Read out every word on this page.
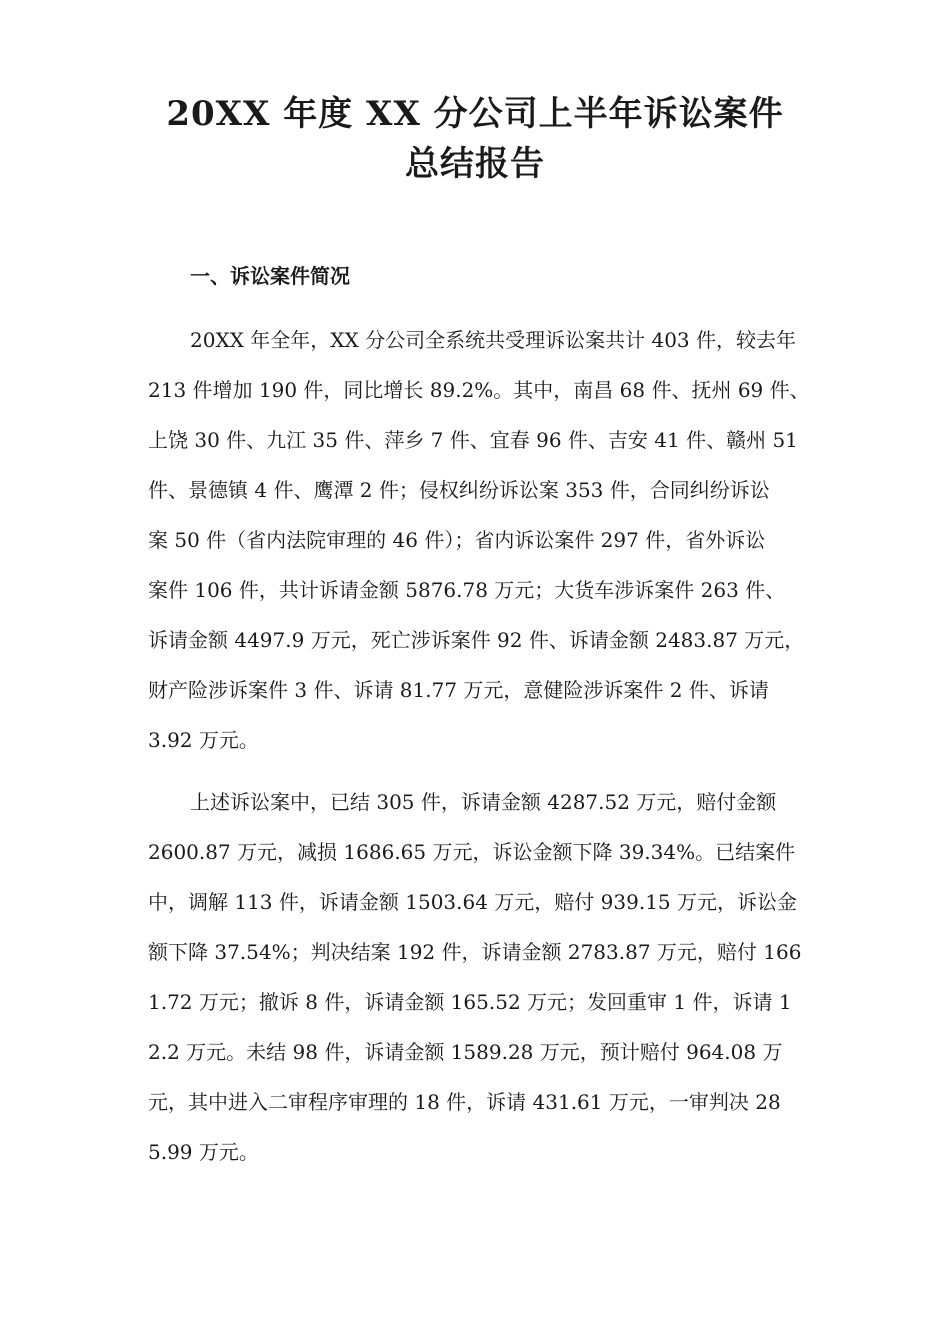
20XX 年度 XX 分公司上半年诉讼案件
总结报告
一、诉讼案件简况
20XX 年全年，XX 分公司全系统共受理诉讼案共计 403 件，较去年
213 件增加 190 件，同比增长 89.2%。其中，南昌 68 件、抚州 69 件、
上饶 30 件、九江 35 件、萍乡 7 件、宜春 96 件、吉安 41 件、赣州 51
件、景德镇 4 件、鹰潭 2 件；侵权纠纷诉讼案 353 件，合同纠纷诉讼
案 50 件（省内法院审理的 46 件）；省内诉讼案件 297 件，省外诉讼
案件 106 件，共计诉请金额 5876.78 万元；大货车涉诉案件 263 件、
诉请金额 4497.9 万元，死亡涉诉案件 92 件、诉请金额 2483.87 万元，
财产险涉诉案件 3 件、诉请 81.77 万元，意健险涉诉案件 2 件、诉请
3.92 万元。
上述诉讼案中，已结 305 件，诉请金额 4287.52 万元，赔付金额
2600.87 万元，减损 1686.65 万元，诉讼金额下降 39.34%。已结案件
中，调解 113 件，诉请金额 1503.64 万元，赔付 939.15 万元，诉讼金
额下降 37.54%；判决结案 192 件，诉请金额 2783.87 万元，赔付 166
1.72 万元；撤诉 8 件，诉请金额 165.52 万元；发回重审 1 件，诉请 1
2.2 万元。未结 98 件，诉请金额 1589.28 万元，预计赔付 964.08 万
元，其中进入二审程序审理的 18 件，诉请 431.61 万元，一审判决 28
5.99 万元。
